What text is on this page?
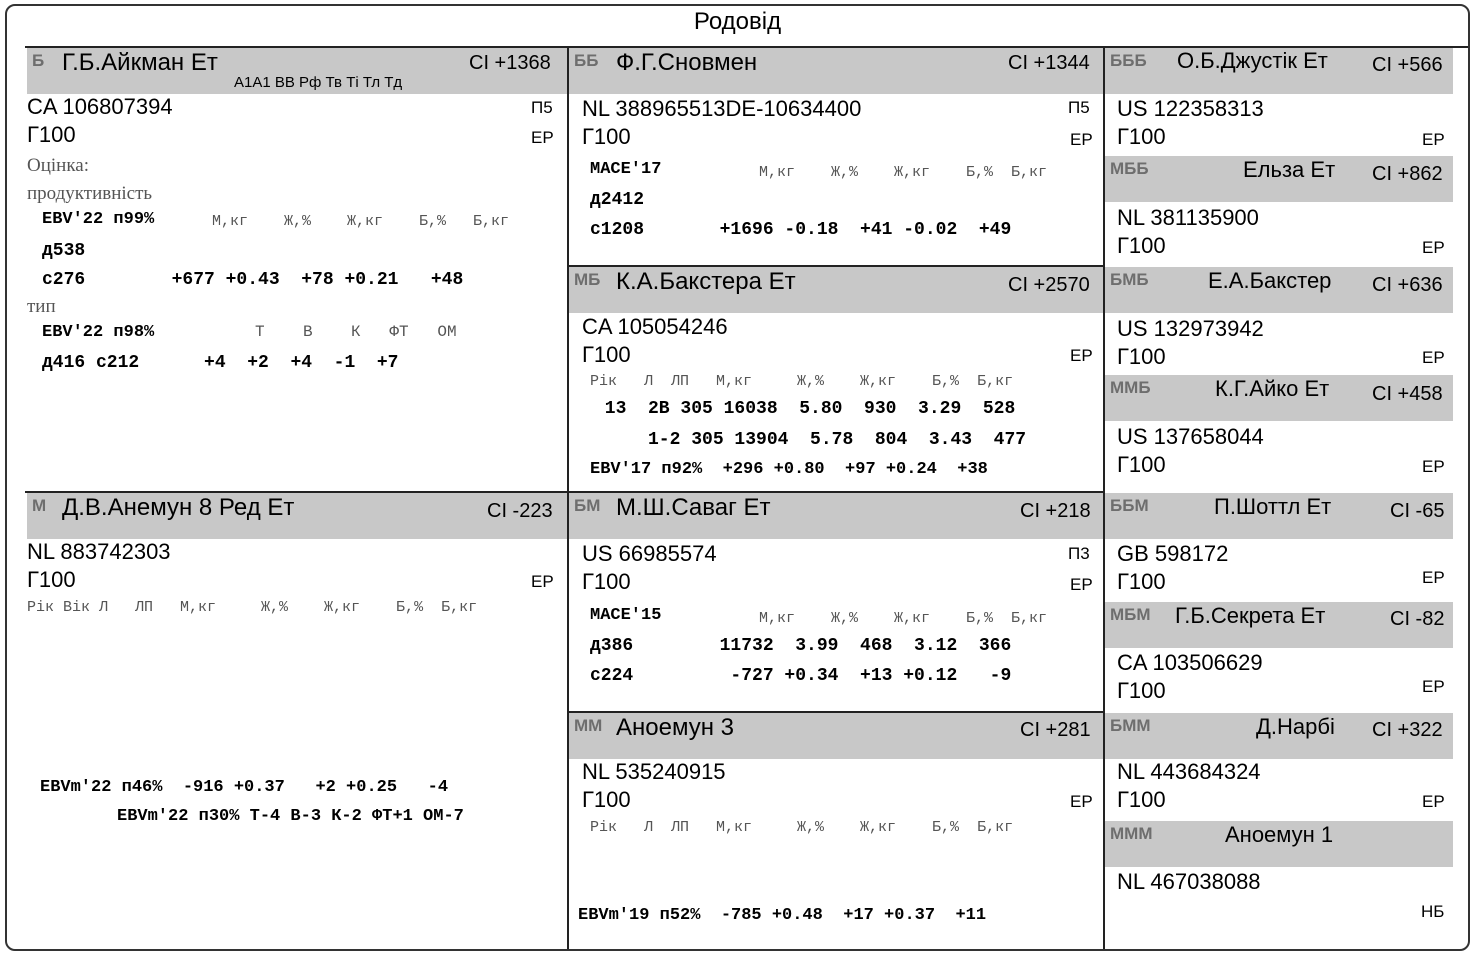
Родовід
Б Г.Б.Айкман Ет	CI +1368
A1A1 BB Рф Тв Ті Тл Тд
CA 106807394	П5
Г100	ЕР
Оцінка:
продуктивність
EBV'22 п99%	М,кг    Ж,%    Ж,кг    Б,%   Б,кг
д538
с276        +677 +0.43  +78 +0.21   +48
тип
EBV'22 п98%	Т    В    К   ФТ   ОМ
д416 с212      +4  +2  +4  -1  +7
М Д.В.Анемун 8 Ред Ет	CI -223
NL 883742303
Г100	ЕР
Рік Вік Л   ЛП   М,кг     Ж,%    Ж,кг    Б,%  Б,кг
EBVm'22 п46%  -916 +0.37   +2 +0.25   -4
EBVm'22 п30% Т-4 В-3 К-2 ФТ+1 ОМ-7
ББ Ф.Г.Сновмен	CI +1344
NL 388965513DE-10634400	П5
Г100	ЕР
MACE'17	М,кг    Ж,%    Ж,кг    Б,%  Б,кг
д2412
с1208       +1696 -0.18  +41 -0.02  +49
МБ К.А.Бакстера Ет	CI +2570
CA 105054246
Г100	ЕР
Рік   Л  ЛП   М,кг     Ж,%    Ж,кг    Б,%  Б,кг
13  2В 305 16038  5.80  930  3.29  528
1-2 305 13904  5.78  804  3.43  477
EBV'17 п92%  +296 +0.80  +97 +0.24  +38
БМ М.Ш.Саваг Ет	CI +218
US 66985574	П3
Г100	ЕР
MACE'15	М,кг    Ж,%    Ж,кг    Б,%  Б,кг
д386        11732  3.99  468  3.12  366
с224         -727 +0.34  +13 +0.12   -9
ММ Аноемун 3	CI +281
NL 535240915
Г100	ЕР
Рік   Л  ЛП   М,кг     Ж,%    Ж,кг    Б,%  Б,кг
EBVm'19 п52%  -785 +0.48  +17 +0.37  +11
БББ О.Б.Джустік Ет CI +566
US 122358313
Г100	ЕР
МББ	Ельза Ет CI +862
NL 381135900
Г100	ЕР
БМБ	Е.А.Бакстер CI +636
US 132973942
Г100	ЕР
ММБ	К.Г.Айко Ет CI +458
US 137658044
Г100	ЕР
ББМ	П.Шоттл Ет	CI -65
GB 598172
Г100	ЕР
МБМ Г.Б.Секрета Ет	CI -82
CA 103506629
Г100	ЕР
БММ	Д.Нарбі CI +322
NL 443684324
Г100	ЕР
МММ	Аноемун 1
NL 467038088
НБ
